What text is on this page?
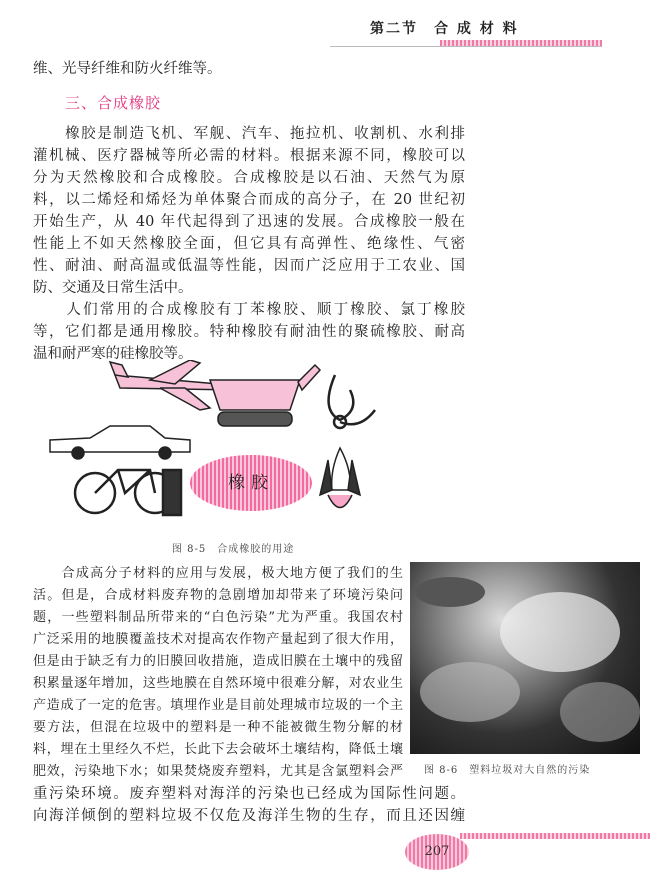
第二节　合 成 材 料
维、光导纤维和防火纤维等。
三、合成橡胶
　　橡胶是制造飞机、军舰、汽车、拖拉机、收割机、水利排
灌机械、医疗器械等所必需的材料。根据来源不同，橡胶可以
分为天然橡胶和合成橡胶。合成橡胶是以石油、天然气为原
料，以二烯烃和烯烃为单体聚合而成的高分子，在 20 世纪初
开始生产，从 40 年代起得到了迅速的发展。合成橡胶一般在
性能上不如天然橡胶全面，但它具有高弹性、绝缘性、气密
性、耐油、耐高温或低温等性能，因而广泛应用于工农业、国
防、交通及日常生活中。
　　人们常用的合成橡胶有丁苯橡胶、顺丁橡胶、氯丁橡胶
等，它们都是通用橡胶。特种橡胶有耐油性的聚硫橡胶、耐高
温和耐严寒的硅橡胶等。
橡胶
图 8-5　合成橡胶的用途
　　合成高分子材料的应用与发展，极大地方便了我们的生
活。但是，合成材料废弃物的急剧增加却带来了环境污染问
题，一些塑料制品所带来的“白色污染”尤为严重。我国农村
广泛采用的地膜覆盖技术对提高农作物产量起到了很大作用，
但是由于缺乏有力的旧膜回收措施，造成旧膜在土壤中的残留
积累量逐年增加，这些地膜在自然环境中很难分解，对农业生
产造成了一定的危害。填埋作业是目前处理城市垃圾的一个主
要方法，但混在垃圾中的塑料是一种不能被微生物分解的材
料，埋在土里经久不烂，长此下去会破坏土壤结构，降低土壤
肥效，污染地下水；如果焚烧废弃塑料，尤其是含氯塑料会严
重污染环境。废弃塑料对海洋的污染也已经成为国际性问题。
向海洋倾倒的塑料垃圾不仅危及海洋生物的生存，而且还因缠
图 8-6　塑料垃圾对大自然的污染
207
